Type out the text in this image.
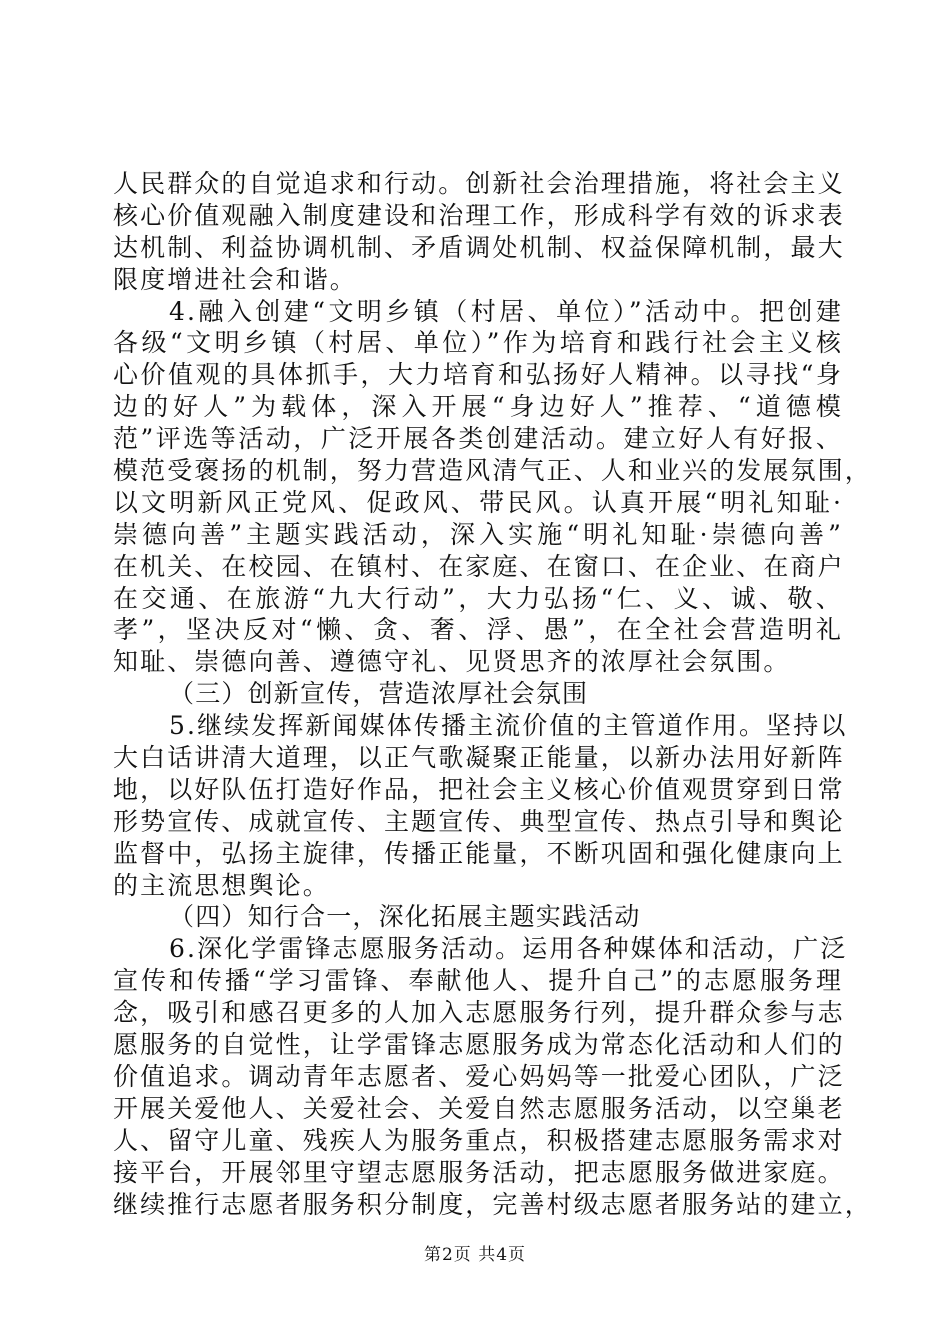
人民群众的自觉追求和行动。创新社会治理措施，将社会主义
核心价值观融入制度建设和治理工作，形成科学有效的诉求表
达机制、利益协调机制、矛盾调处机制、权益保障机制，最大
限度增进社会和谐。
4.融入创建“文明乡镇（村居、单位）”活动中。把创建
各级“文明乡镇（村居、单位）”作为培育和践行社会主义核
心价值观的具体抓手，大力培育和弘扬好人精神。以寻找“身
边的好人”为载体，深入开展“身边好人”推荐、“道德模
范”评选等活动，广泛开展各类创建活动。建立好人有好报、
模范受褒扬的机制，努力营造风清气正、人和业兴的发展氛围，
以文明新风正党风、促政风、带民风。认真开展“明礼知耻·
崇德向善”主题实践活动，深入实施“明礼知耻·崇德向善”
在机关、在校园、在镇村、在家庭、在窗口、在企业、在商户
在交通、在旅游“九大行动”，大力弘扬“仁、义、诚、敬、
孝”，坚决反对“懒、贪、奢、浮、愚”，在全社会营造明礼
知耻、崇德向善、遵德守礼、见贤思齐的浓厚社会氛围。
（三）创新宣传，营造浓厚社会氛围
5.继续发挥新闻媒体传播主流价值的主管道作用。坚持以
大白话讲清大道理，以正气歌凝聚正能量，以新办法用好新阵
地，以好队伍打造好作品，把社会主义核心价值观贯穿到日常
形势宣传、成就宣传、主题宣传、典型宣传、热点引导和舆论
监督中，弘扬主旋律，传播正能量，不断巩固和强化健康向上
的主流思想舆论。
（四）知行合一，深化拓展主题实践活动
6.深化学雷锋志愿服务活动。运用各种媒体和活动，广泛
宣传和传播“学习雷锋、奉献他人、提升自己”的志愿服务理
念，吸引和感召更多的人加入志愿服务行列，提升群众参与志
愿服务的自觉性，让学雷锋志愿服务成为常态化活动和人们的
价值追求。调动青年志愿者、爱心妈妈等一批爱心团队，广泛
开展关爱他人、关爱社会、关爱自然志愿服务活动，以空巢老
人、留守儿童、残疾人为服务重点，积极搭建志愿服务需求对
接平台，开展邻里守望志愿服务活动，把志愿服务做进家庭。
继续推行志愿者服务积分制度，完善村级志愿者服务站的建立，
第2页 共4页
